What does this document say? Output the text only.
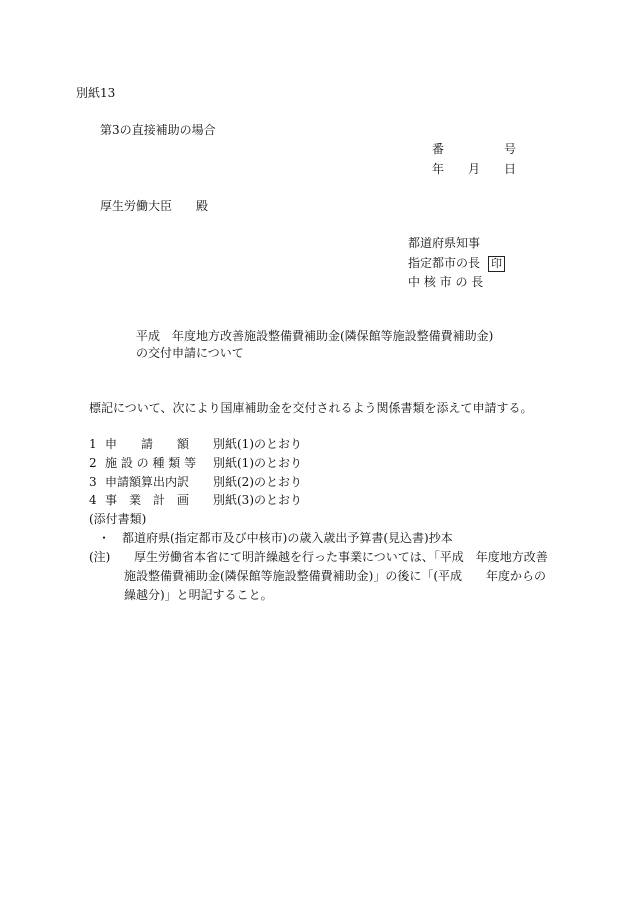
別紙13
第3の直接補助の場合
番　　　　　号
年　　月　　日
厚生労働大臣　　殿
都道府県知事
指定都市の長 印
中 核 市 の 長
平成　年度地方改善施設整備費補助金(隣保館等施設整備費補助金)
の交付申請について
標記について、次により国庫補助金を交付されるよう関係書類を添えて申請する。
1 申　　請　　額 別紙(1)のとおり
2 施 設 の 種 類 等 別紙(1)のとおり
3 申請額算出内訳 別紙(2)のとおり
4 事　業　計　画 別紙(3)のとおり
(添付書類)
・　都道府県(指定都市及び中核市)の歳入歳出予算書(見込書)抄本
(注) 厚生労働省本省にて明許繰越を行った事業については、「平成　年度地方改善
施設整備費補助金(隣保館等施設整備費補助金)」の後に「(平成　　年度からの
繰越分)」と明記すること。
